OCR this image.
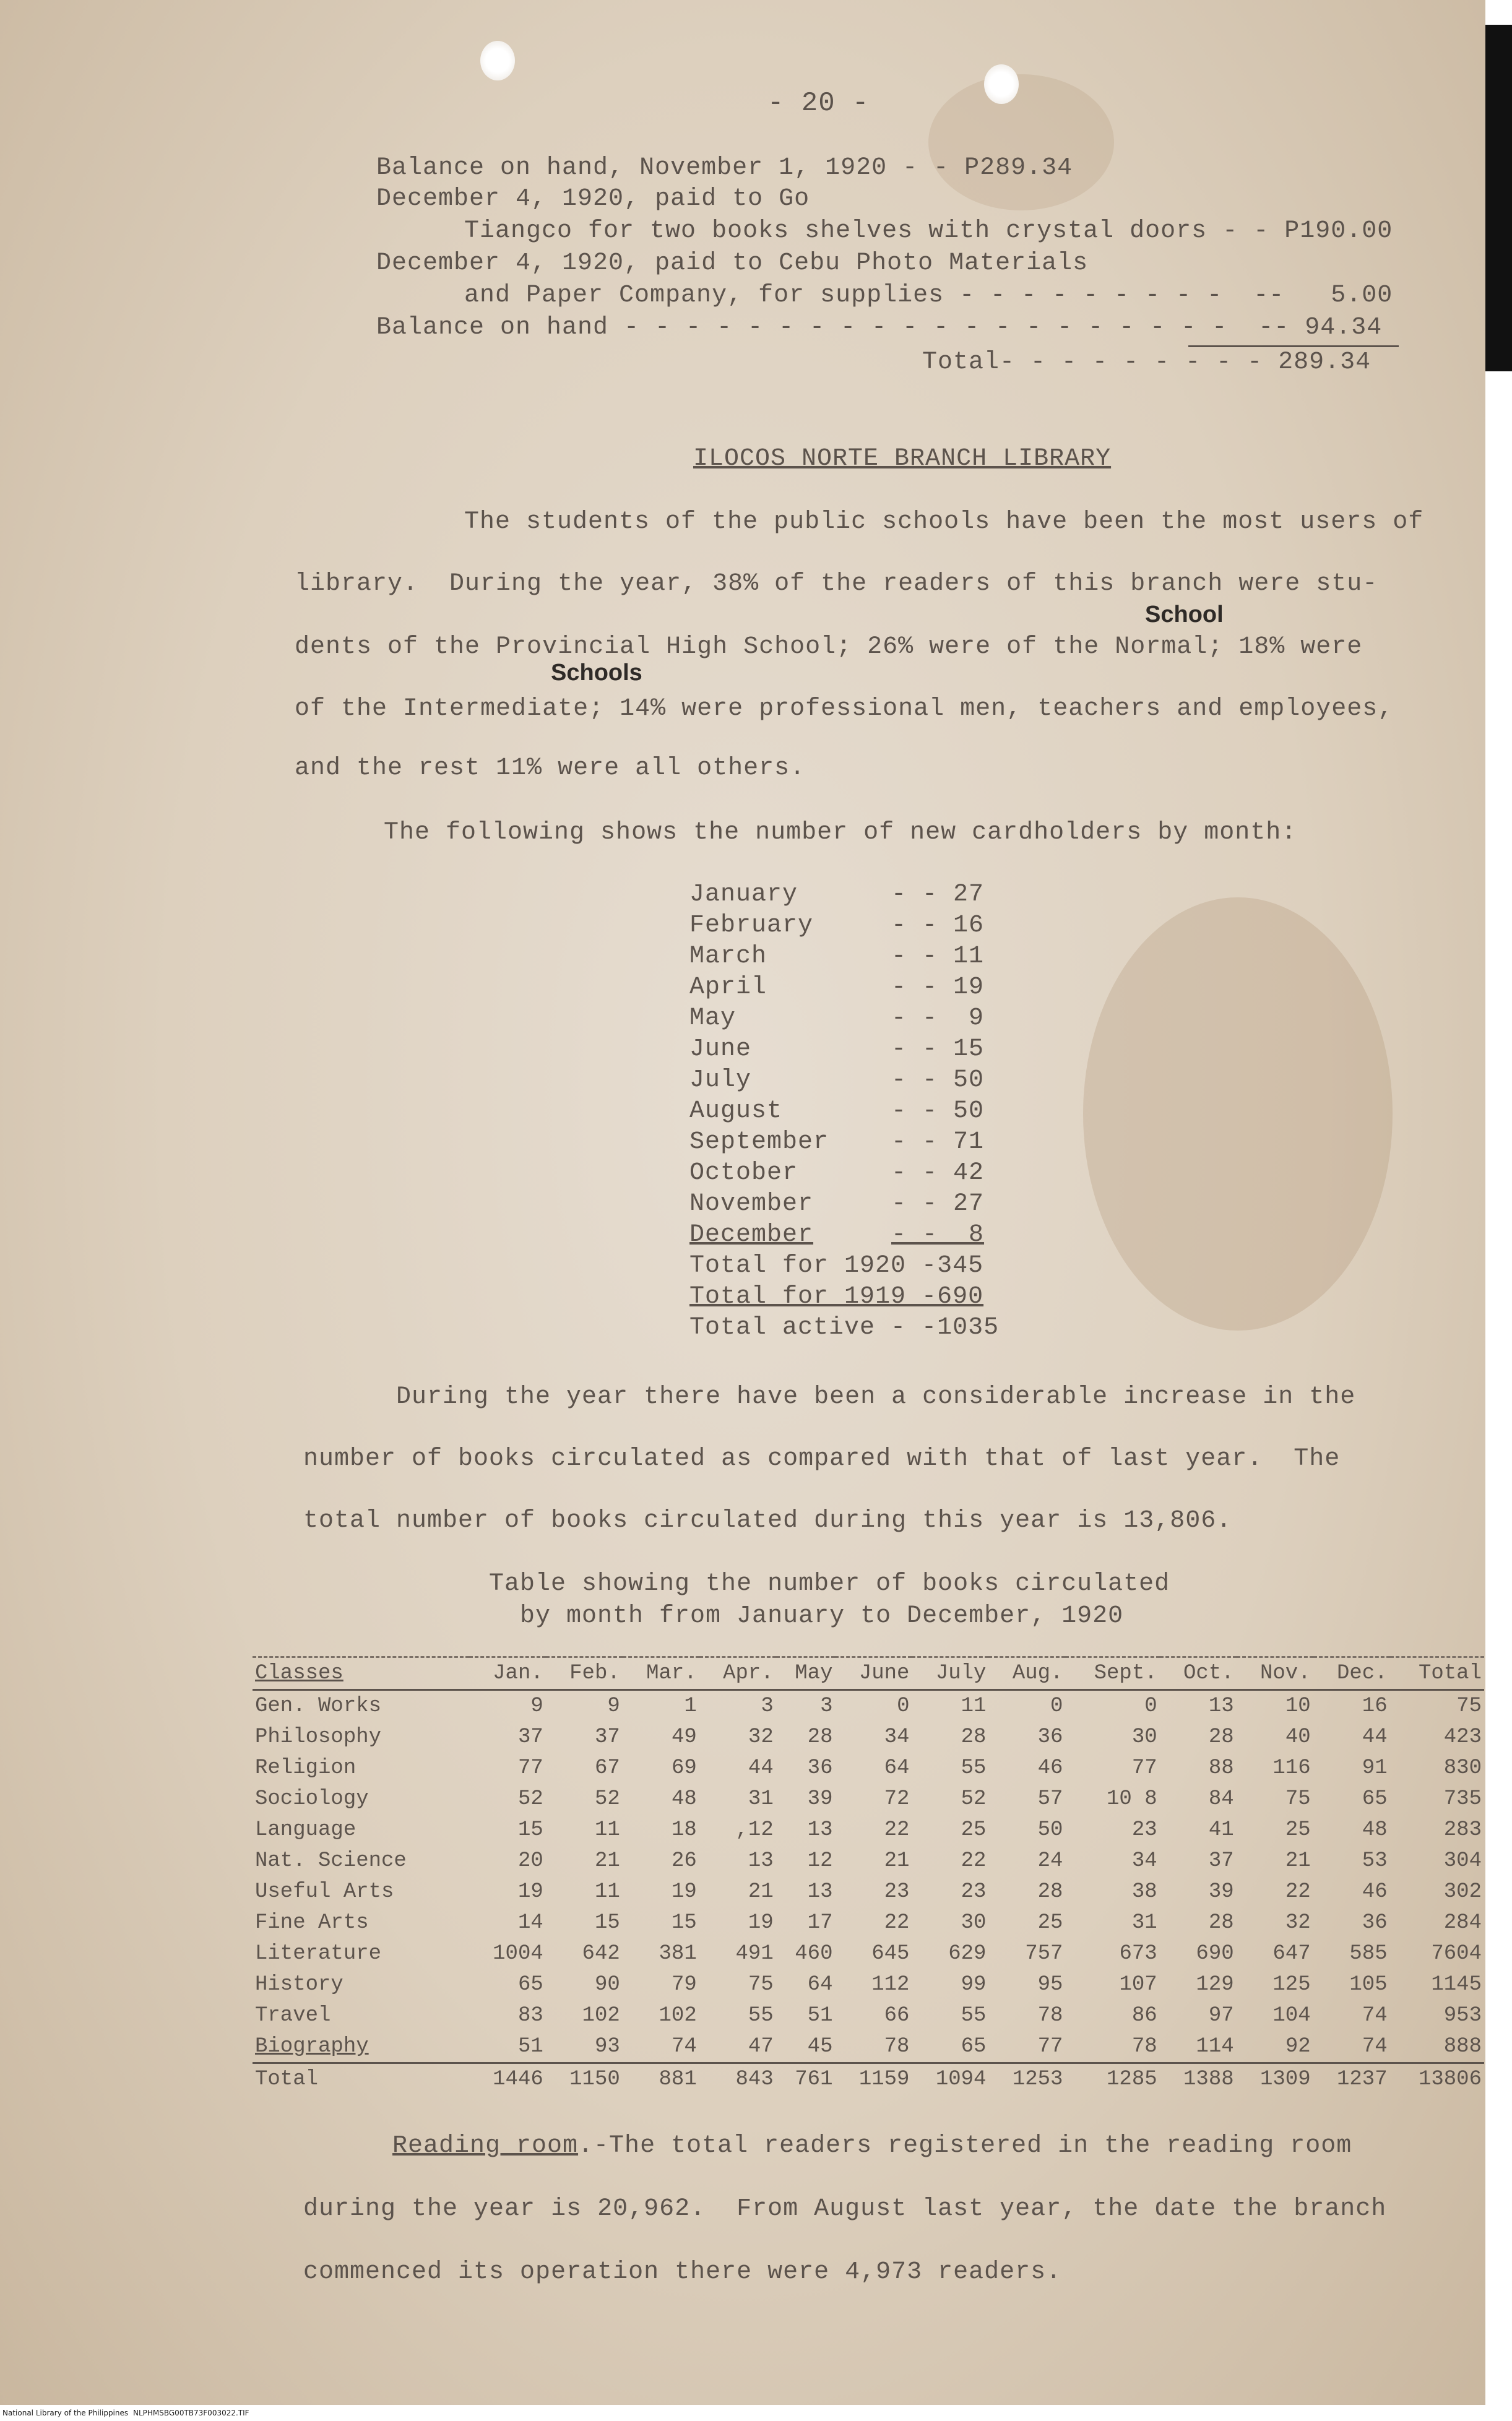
- 20 -
Balance on hand, November 1, 1920 - - P289.34
December 4, 1920, paid to Go
Tiangco for two books shelves with crystal doors - - P190.00
December 4, 1920, paid to Cebu Photo Materials
and Paper Company, for supplies - - - - - - - - -  --   5.00
Balance on hand - - - - - - - - - - - - - - - - - - - -  -- 94.34
Total- - - - - - - - - 289.34
ILOCOS NORTE BRANCH LIBRARY
The students of the public schools have been the most users of
library.  During the year, 38% of the readers of this branch were stu-
School
dents of the Provincial High School; 26% were of the Normal; 18% were
Schools
of the Intermediate; 14% were professional men, teachers and employees,
and the rest 11% were all others.
The following shows the number of new cardholders by month:
January	- - 27
February	- - 16
March	- - 11
April	- - 19
May	- -  9
June	- - 15
July	- - 50
August	- - 50
September	- - 71
October	- - 42
November	- - 27
December	- -  8
Total for 1920 -345
Total for 1919 -690
Total active - -1035
During the year there have been a considerable increase in the
number of books circulated as compared with that of last year.  The
total number of books circulated during this year is 13,806.
Table showing the number of books circulated
by month from January to December, 1920
Classes	Jan.	Feb.	Mar.	Apr.	May	June	July	Aug.	Sept.	Oct.	Nov.	Dec.	Total
Gen. Works	9	9	1	3	3	0	11	0	0	13	10	16	75
Philosophy	37	37	49	32	28	34	28	36	30	28	40	44	423
Religion	77	67	69	44	36	64	55	46	77	88	116	91	830
Sociology	52	52	48	31	39	72	52	57	10 8	84	75	65	735
Language	15	11	18	,12	13	22	25	50	23	41	25	48	283
Nat. Science	20	21	26	13	12	21	22	24	34	37	21	53	304
Useful Arts	19	11	19	21	13	23	23	28	38	39	22	46	302
Fine Arts	14	15	15	19	17	22	30	25	31	28	32	36	284
Literature	1004	642	381	491	460	645	629	757	673	690	647	585	7604
History	65	90	79	75	64	112	99	95	107	129	125	105	1145
Travel	83	102	102	55	51	66	55	78	86	97	104	74	953
Biography	51	93	74	47	45	78	65	77	78	114	92	74	888
Total	1446	1150	881	843	761	1159	1094	1253	1285	1388	1309	1237	13806
Reading room.-The total readers registered in the reading room
during the year is 20,962.  From August last year, the date the branch
commenced its operation there were 4,973 readers.
National Library of the Philippines NLPHMSBG00TB73F003022.TIF
